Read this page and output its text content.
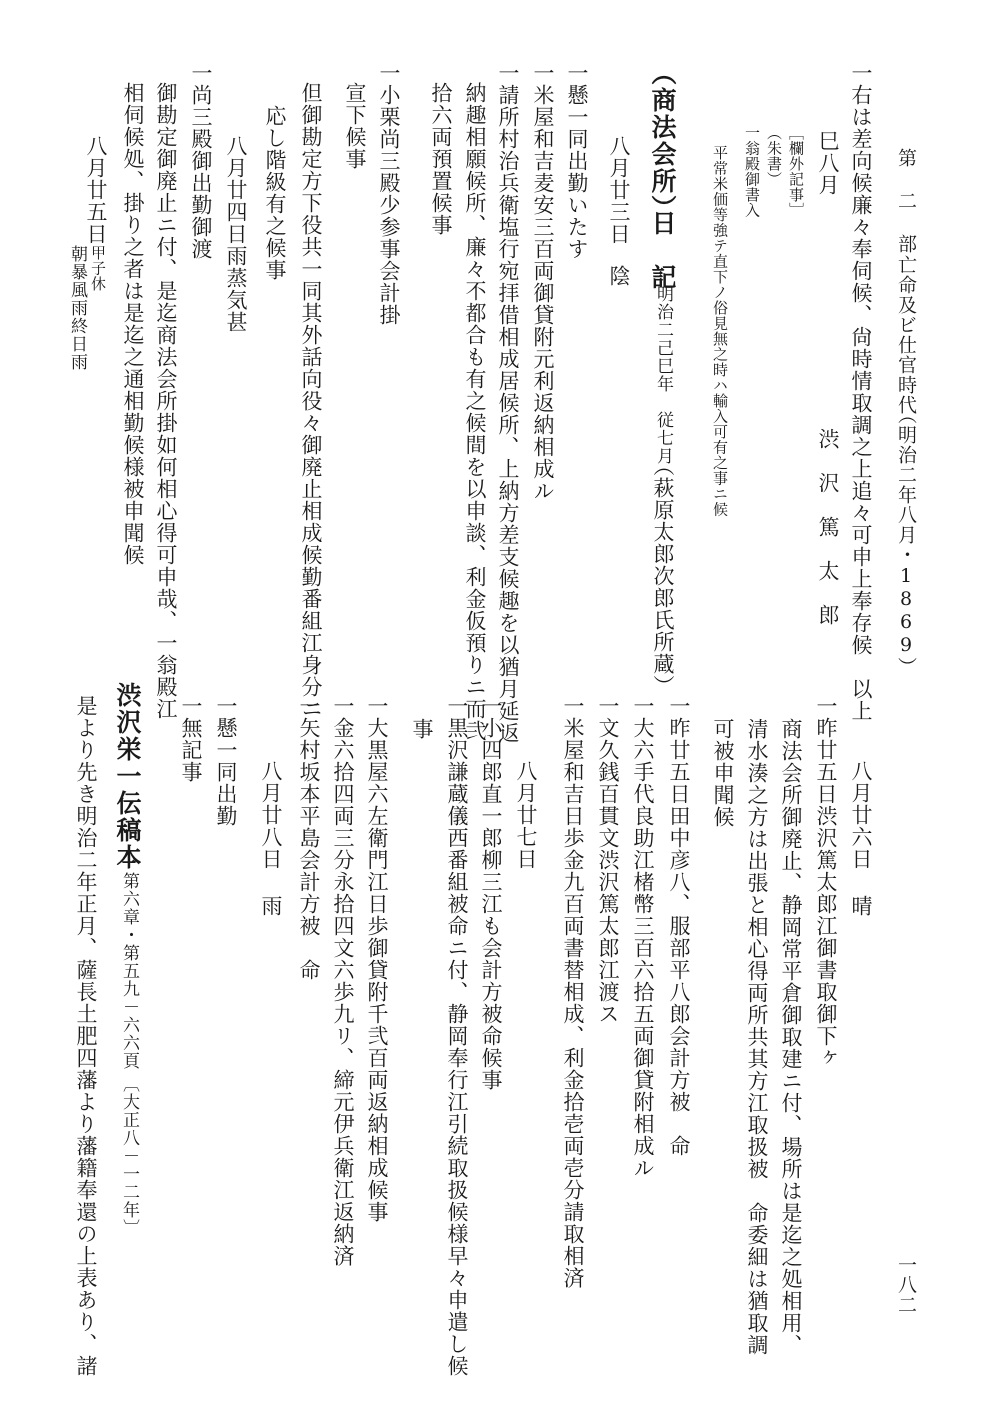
第 二 部
亡命及ビ仕官時代
（明治二年八月・1869）
一八二
一右は差向候廉々奉伺候、尙時情取調之上追々可申上奉存候　以上
巳八月
渋　沢　篤　太　郎
［欄外記事］
（朱書）
一翁殿御書入
平常米価等強テ直下ノ俗見無之時ハ輸入可有之事ニ候
（商法会所）
日　記
明治二己巳年　従七月
（萩原太郎次郎氏所蔵）
八月廿三日
陰
一懸一同出勤いたす
一米屋和吉麦安三百両御貸附元利返納相成ル
一請所村治兵衛塩行宛拝借相成居候所、上納方差支候趣を以猶月延返
納趣相願候所、廉々不都合も有之候間を以申談、利金仮預りニ而弐
拾六両預置候事
一小栗尚三殿少参事会計掛
宣下候事
但御勘定方下役共一同其外話向役々御廃止相成候勤番組江身分ニ
応し階級有之候事
八月廿四日
雨蒸気甚
一尚三殿御出勤御渡
御勘定御廃止ニ付、是迄商法会所掛如何相心得可申哉、一翁殿江
相伺候処、掛り之者は是迄之通相勤候様被申聞候
八月廿五日
甲子休
朝暴風雨終日雨
八月廿六日
晴
一昨廿五日渋沢篤太郎江御書取御下ヶ
商法会所御廃止、静岡常平倉御取建ニ付、場所は是迄之処相用、
清水湊之方は出張と相心得両所共其方江取扱被　命委細は猶取調
可被申聞候
一昨廿五日田中彦八、服部平八郎会計方被　命
一大六手代良助江楮幣三百六拾五両御貸附相成ル
一文久銭百貫文渋沢篤太郎江渡ス
一米屋和吉日歩金九百両書替相成、利金拾壱両壱分請取相済
八月廿七日
一小四郎直一郎柳三江も会計方被命候事
一黒沢謙蔵儀西番組被命ニ付、静岡奉行江引続取扱候様早々申遣し候
事
一大黒屋六左衛門江日歩御貸附千弐百両返納相成候事
一金六拾四両三分永拾四文六歩九リ、締元伊兵衛江返納済
一矢村坂本平島会計方被　命
八月廿八日
雨
一懸一同出勤
一無記事
渋沢栄一伝稿本
第六章・第五九－六六頁
〔大正八－一二年〕
是より先き明治二年正月、薩長土肥四藩より藩籍奉還の上表あり、諸
